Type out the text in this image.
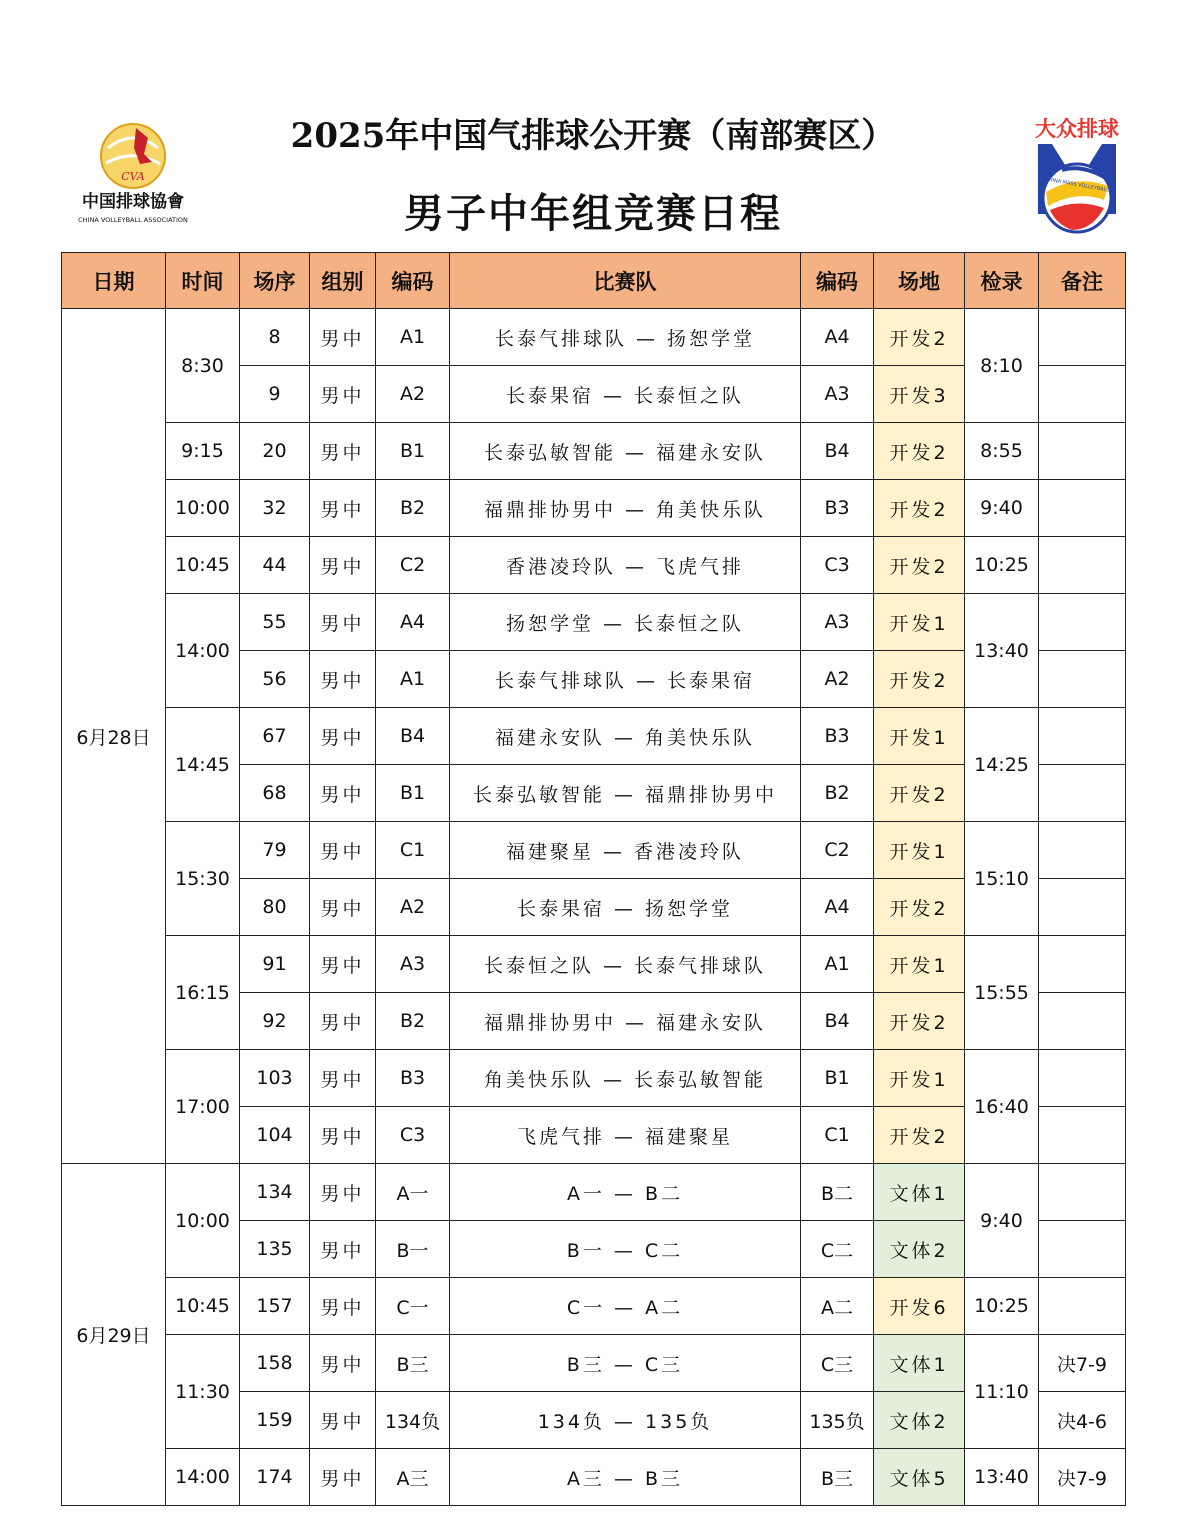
CVA
中国排球協會
CHINA VOLLEYBALL ASSOCIATION
大众排球
CHINA MASS VOLLEYBALL
2025年中国气排球公开赛（南部赛区）
男子中年组竞赛日程
日期	时间	场序	组别	编码	比赛队	编码	场地	检录	备注
6月28日	8:30	8	男中	A1	长泰气排球队 — 扬恕学堂	A4	开发2	8:10	
		9	男中	A2	长泰果宿 — 长泰恒之队	A3	开发3		
	9:15	20	男中	B1	长泰弘敏智能 — 福建永安队	B4	开发2	8:55	
	10:00	32	男中	B2	福鼎排协男中 — 角美快乐队	B3	开发2	9:40	
	10:45	44	男中	C2	香港凌玲队 — 飞虎气排	C3	开发2	10:25	
	14:00	55	男中	A4	扬恕学堂 — 长泰恒之队	A3	开发1	13:40	
		56	男中	A1	长泰气排球队 — 长泰果宿	A2	开发2		
	14:45	67	男中	B4	福建永安队 — 角美快乐队	B3	开发1	14:25	
		68	男中	B1	长泰弘敏智能 — 福鼎排协男中	B2	开发2		
	15:30	79	男中	C1	福建聚星 — 香港凌玲队	C2	开发1	15:10	
		80	男中	A2	长泰果宿 — 扬恕学堂	A4	开发2		
	16:15	91	男中	A3	长泰恒之队 — 长泰气排球队	A1	开发1	15:55	
		92	男中	B2	福鼎排协男中 — 福建永安队	B4	开发2		
	17:00	103	男中	B3	角美快乐队 — 长泰弘敏智能	B1	开发1	16:40	
		104	男中	C3	飞虎气排 — 福建聚星	C1	开发2		
6月29日	10:00	134	男中	A一	A一 — B二	B二	文体1	9:40	
		135	男中	B一	B一 — C二	C二	文体2		
	10:45	157	男中	C一	C一 — A二	A二	开发6	10:25	
	11:30	158	男中	B三	B三 — C三	C三	文体1	11:10	决7-9
		159	男中	134负	134负 — 135负	135负	文体2		决4-6
	14:00	174	男中	A三	A三 — B三	B三	文体5	13:40	决7-9
